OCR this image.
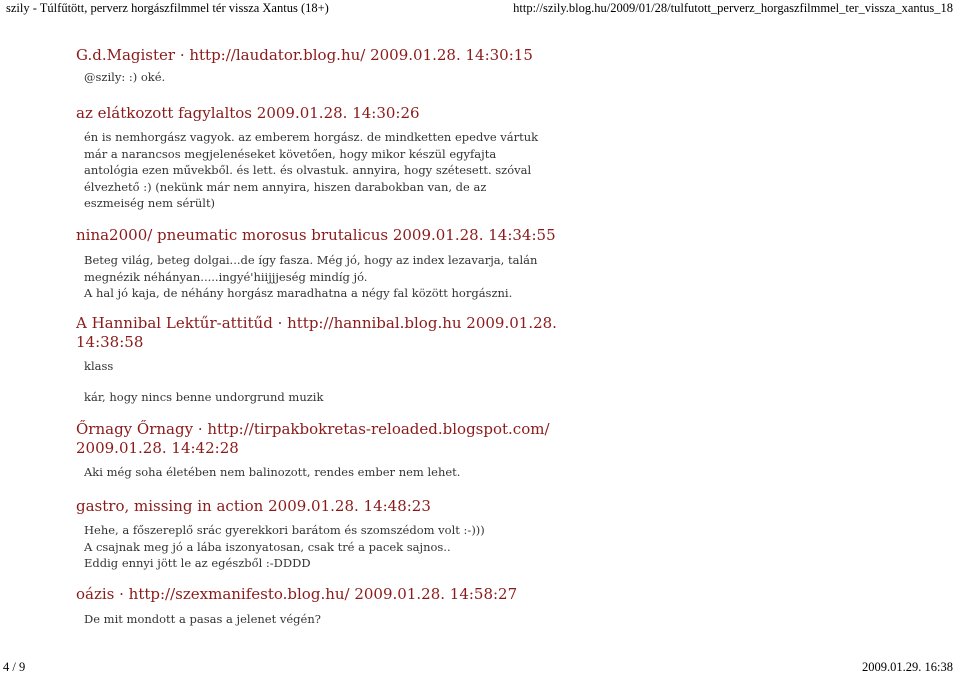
szily - Túlfűtött, perverz horgászfilmmel tér vissza Xantus (18+)	http://szily.blog.hu/2009/01/28/tulfutott_perverz_horgaszfilmmel_ter_vissza_xantus_18
G.d.Magister · http://laudator.blog.hu/ 2009.01.28. 14:30:15

@szily: :) oké.

az elátkozott fagylaltos 2009.01.28. 14:30:26

én is nemhorgász vagyok. az emberem horgász. de mindketten epedve vártuk

már a narancsos megjelenéseket követően, hogy mikor készül egyfajta

antológia ezen művekből. és lett. és olvastuk. annyira, hogy szétesett. szóval

élvezhető :) (nekünk már nem annyira, hiszen darabokban van, de az

eszmeiség nem sérült)

nina2000/ pneumatic morosus brutalicus 2009.01.28. 14:34:55

Beteg világ, beteg dolgai...de így fasza. Még jó, hogy az index lezavarja, talán

megnézik néhányan.....ingyé'hiijjjeség mindíg jó.

A hal jó kaja, de néhány horgász maradhatna a négy fal között horgászni.

A Hannibal Lektűr-attitűd · http://hannibal.blog.hu 2009.01.28.
14:38:58

klass

kár, hogy nincs benne undorgrund muzik

Őrnagy Őrnagy · http://tirpakbokretas-reloaded.blogspot.com/
2009.01.28. 14:42:28

Aki még soha életében nem balinozott, rendes ember nem lehet.

gastro, missing in action 2009.01.28. 14:48:23

Hehe, a főszereplő srác gyerekkori barátom és szomszédom volt :-)))

A csajnak meg jó a lába iszonyatosan, csak tré a pacek sajnos..

Eddig ennyi jött le az egészből :-DDDD

oázis · http://szexmanifesto.blog.hu/ 2009.01.28. 14:58:27

De mit mondott a pasas a jelenet végén?

4 / 9	2009.01.29. 16:38
